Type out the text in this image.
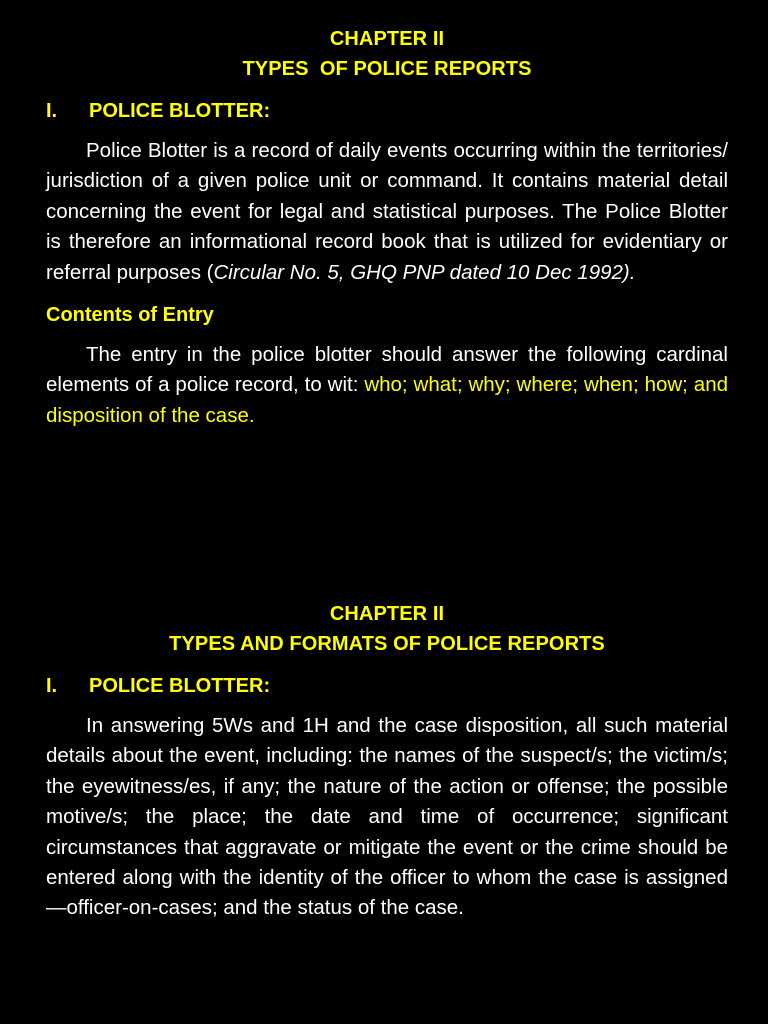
CHAPTER II
TYPES  OF POLICE REPORTS
I.	POLICE BLOTTER:

Police Blotter is a record of daily events occurring within the territories/ jurisdiction of a given police unit or command. It contains material detail concerning the event for legal and statistical purposes. The Police Blotter is therefore an informational record book that is utilized for evidentiary or referral purposes (Circular No. 5, GHQ PNP dated 10 Dec 1992).

Contents of Entry

The entry in the police blotter should answer the following cardinal elements of a police record, to wit: who; what; why; where; when; how; and disposition of the case.

CHAPTER II
TYPES AND FORMATS OF POLICE REPORTS
I.	POLICE BLOTTER:

In answering 5Ws and 1H and the case disposition, all such material details about the event, including: the names of the suspect/s; the victim/s; the eyewitness/es, if any; the nature of the action or offense; the possible motive/s; the place; the date and time of occurrence; significant circumstances that aggravate or mitigate the event or the crime should be entered along with the identity of the officer to whom the case is assigned—officer-on-cases; and the status of the case.
